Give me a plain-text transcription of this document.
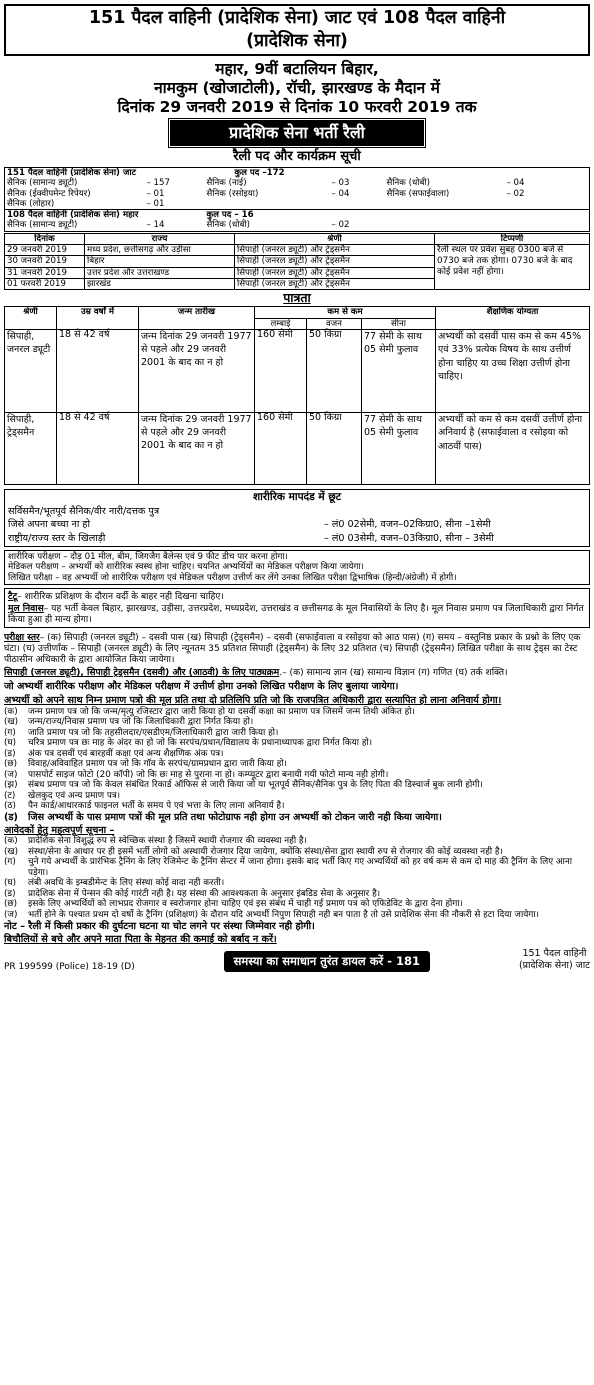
151 पैदल वाहिनी (प्रादेशिक सेना) जाट एवं 108 पैदल वाहिनी
(प्रादेशिक सेना)
महार, 9वीं बटालियन बिहार,
नामकुम (खोजाटोली), रॉची, झारखण्ड के मैदान में
दिनांक 29 जनवरी 2019 से दिनांक 10 फरवरी 2019 तक
प्रादेशिक सेना भर्ती रैली
रैली पद और कार्यक्रम सूची
151 पैदल वाहिनी (प्रादेशिक सेना) जाट		कुल पद –172			
सैनिक (सामान्य ड्यूटी)	– 157	सैनिक (नाई)	– 03	सैनिक (धोबी)	– 04
सैनिक (ईक्वीपमेन्ट रिपेयर)	– 01	सैनिक (रसोइया)	– 04	सैनिक (सफाईवाला)	– 02
सैनिक (लोहार)	– 01				
108 पैदल वाहिनी (प्रादेशिक सेना) महार		कुल पद – 16			
सैनिक (सामान्य ड्यूटी)	– 14	सैनिक (धोबी)	– 02		
दिनांक	राज्य	श्रेणी	टिप्पणी
29 जनवरी 2019	मध्य प्रदेश, छत्तीसगढ़ और उड़ीसा	सिपाही (जनरल ड्यूटी) और ट्रेड्समैन	रैली स्थल पर प्रवेश सुबह 0300 बजे से 0730 बजे तक होगा। 0730 बजे के बाद कोई प्रवेश नहीं होगा।
30 जनवरी 2019	बिहार	सिपाही (जनरल ड्यूटी) और ट्रेड्समैन	
31 जनवरी 2019	उत्तर प्रदेश और उत्तराखण्ड	सिपाही (जनरल ड्यूटी) और ट्रेड्समैन	
01 फरवरी 2019	झारखंड	सिपाही (जनरल ड्यूटी) और ट्रेड्समैन	
पात्रता
श्रेणी	उम्र वर्षों में	जन्म तारीख	कम से कम			शैक्षणिक योग्यता
			लम्बाई	वजन	सीना	
सिपाही, जनरल ड्यूटी	18 से 42 वर्ष	जन्म दिनांक 29 जनवरी 1977 से पहले और 29 जनवरी 2001 के बाद का न हो	160 सेमी	50 किग्रा	77 सेमी के साथ 05 सेमी फुलाव	अभ्यर्थी को दसवीं पास कम से कम 45% एवं 33% प्रत्येक विषय के साथ उत्तीर्ण होना चाहिए या उच्च शिक्षा उत्तीर्ण होना चाहिए।
सिपाही, ट्रेड्समैन	18 से 42 वर्ष	जन्म दिनांक 29 जनवरी 1977 से पहले और 29 जनवरी 2001 के बाद का न हो	160 सेमी	50 किग्रा	77 सेमी के साथ 05 सेमी फुलाव	अभ्यर्थी को कम से कम दसवीं उत्तीर्ण होना अनिवार्य है (सफाईवाला व रसोइया को आठवीं पास)
शारीरिक मापदंड में छूट
सर्विसमैन/भूतपूर्व सैनिक/वीर नारी/दत्तक पुत्र
जिसे अपना बच्चा ना हो	– लं0 02सेमी, वजन–02किग्रा0, सीना –1सेमी
राष्ट्रीय/राज्य स्तर के खिलाड़ी	– लं0 03सेमी, वजन–03किग्रा0, सीना – 3सेमी
शारीरिक परीक्षण – दौड़ 01 मील, बीम, जिगजैग बैलेन्स एवं 9 फीट डीच पार करना होगा।
मेडिकल परीक्षण – अभ्यर्थी को शारीरिक स्वस्थ होना चाहिए। चयनित अभ्यर्थियों का मेडिकल परीक्षण किया जायेगा।
लिखित परीक्षा – वह अभ्यर्थी जो शारीरिक परीक्षण एवं मेडिकल परीक्षण उत्तीर्ण कर लेंगे उनका लिखित परीक्षा द्विभाषिक (हिन्दी/अंग्रेजी) में होगी।
टैटू– शारीरिक प्रशिक्षण के दौरान वर्दी के बाहर नही दिखना चाहिए।
मूल निवास– यह भर्ती केवल बिहार, झारखण्ड, उड़ीसा, उत्तरप्रदेश, मध्यप्रदेश, उत्तराखंड व छत्तीसगढ के मूल निवासियों के लिए है। मूल निवास प्रमाण पत्र जिलाधिकारी द्वारा निर्गत किया हुआ ही मान्य होगा।
परीक्षा स्तर– (क) सिपाही (जनरल ड्यूटी) – दसवी पास (ख) सिपाही (ट्रेड्समैन) – दसवी (सफाईवाला व रसोइया को आठ पास) (ग) समय – वस्तुनिष्ठ प्रकार के प्रश्नो के लिए एक घंटा। (घ) उत्तीर्णांक – सिपाही (जनरल ड्यूटी) के लिए न्यूनतम 35 प्रतिशत सिपाही (ट्रेड्समैन) के लिए 32 प्रतिशत (च) सिपाही (ट्रेड्समैन) लिखित परीक्षा के साथ ट्रेड्स का टेस्ट पीठासीन अधिकारी के द्वारा आयोजित किया जायेगा।
सिपाही (जनरल ड्यूटी), सिपाही ट्रेड्समैन (दसवी) और (आठवी) के लिए पाठ्यक्रम.– (क) सामान्य ज्ञान (ख) सामान्य विज्ञान (ग) गणित (घ) तर्क शक्ति।
जो अभ्यर्थी शारीरिक परीक्षण और मेडिकल परीक्षण में उत्तीर्ण होगा उनको लिखित परीक्षण के लिए बुलाया जायेगा।
अभ्यर्थी को अपने साथ निम्न प्रमाण पत्रो की मूल प्रति तथा दो प्रतिलिपि प्रति जो कि राजपत्रित अधिकारी द्वारा सत्यापित हो लाना अनिवार्य होगा।
(क)	जन्म प्रमाण पत्र जो कि जन्म/मृत्यु रजिस्टार द्वारा जारी किया हो या दसवीं कक्षा का प्रमाण पत्र जिसमें जन्म तिथी अंकित हो।
(ख)	जन्म/राज्य/निवास प्रमाण पत्र जो कि जिलाधिकारी द्वारा निर्गत किया हो।
(ग)	जाति प्रमाण पत्र जो कि तहसीलदार/एसडीएम/जिलाधिकारी द्वारा जारी किया हो।
(घ)	चरित्र प्रमाण पत्र छः माह के अंदर का हो जो कि सरपंच/प्रधान/विद्यालय के प्रधानाध्यापक द्वारा निर्गत किया हो।
(ड)	अंक पत्र दसवीं एवं बारहवीं कक्षा एवं अन्य शैक्षणिक अंक पत्र।
(छ)	विवाह/अविवाहित प्रमाण पत्र जो कि गॉव के सरपंच/ग्रामप्रधान द्वारा जारी किया हो।
(ज)	पासपोर्ट साइज फोटो (20 कॉपी) जो कि छः माह से पुराना ना हो। कम्प्यूटर द्वारा बनायी गयी फोटो मान्य नही होगी।
(झ)	संबध प्रमाण पत्र जो कि केवल संबंधित रिकार्ड ऑफिस से जारी किया जो या भूतपूर्व सैनिक/सैनिक पुत्र के लिए पिता की डिस्चार्ज बुक लानी होगी।
(ट)	खेलकुद एवं अन्य प्रमाण पत्र।
(ठ)	पैन कार्ड/आधारकार्ड फाइनल भर्ती के समय पे एवं भत्ता के लिए लाना अनिवार्य है।
(ड)	जिस अभ्यर्थी के पास प्रमाण पत्रों की मूल प्रति तथा फोटोग्राफ नही होगा उन अभ्यर्थी को टोकन जारी नही किया जायेगा।
आवेदकों हेतु महत्वपूर्ण सूचना –
(क)	प्रादेशिक सेना विशुद्ध रुप से स्वेच्छिक संस्था है जिसमें स्थायी रोजगार की व्यवस्था नही है।
(ख)	संस्था/सेना के आधार पर ही इसमें भर्ती लोगो को अस्थायी रोजगार दिया जायेगा, क्योंकि संस्था/सेना द्वारा स्थायी रुप से रोजगार की कोई व्यवस्था नही है।
(ग)	चुने गये अभ्यर्थी के प्रारंभिक ट्रैनिंग के लिए रेजिमेन्ट के ट्रैनिंग सेन्टर में जाना होगा। इसके बाद भर्ती किए गए अभ्यर्थियों को हर वर्ष कम से कम दो माह की ट्रैनिंग के लिए आना पड़ेगा।
(घ)	लंबी अवधि के इम्बडीमेन्ट के लिए संस्था कोई वादा नही करती।
(ड)	प्रादेशिक सेना में पेन्सन की कोई गारंटी नही है। यह संस्था की आवश्यकता के अनुसार इंबडिड सेवा के अनुसार है।
(छ)	इसके लिए अभ्यर्थियों को लाभप्रद रोजगार व स्वरोजगार होना चाहिए एवं इस संबंध में चाही गई प्रमाण पत्र को एफिडेविट के द्वारा देना होगा।
(ज)	भर्ती होने के पश्चात प्रथम दो वर्षो के ट्रैनिंग (प्रशिक्षण) के दौरान यदि अभ्यर्थी निपुण सिपाही नही बन पाता है तो उसे प्रादेशिक सेना की नौकरी से हटा दिया जायेगा।
नोट – रैली में किसी प्रकार की दुर्घटना घटना या चोट लगने पर संस्था जिम्मेवार नही होगी।
बिचौलियों से बचे और अपने माता पिता के मेहनत की कमाई को बर्बाद न करें।
PR 199599 (Police) 18-19 (D)	समस्या का समाधान तुरंत डायल करें - 181
151 पैदल वाहिनी
(प्रादेशिक सेना) जाट
